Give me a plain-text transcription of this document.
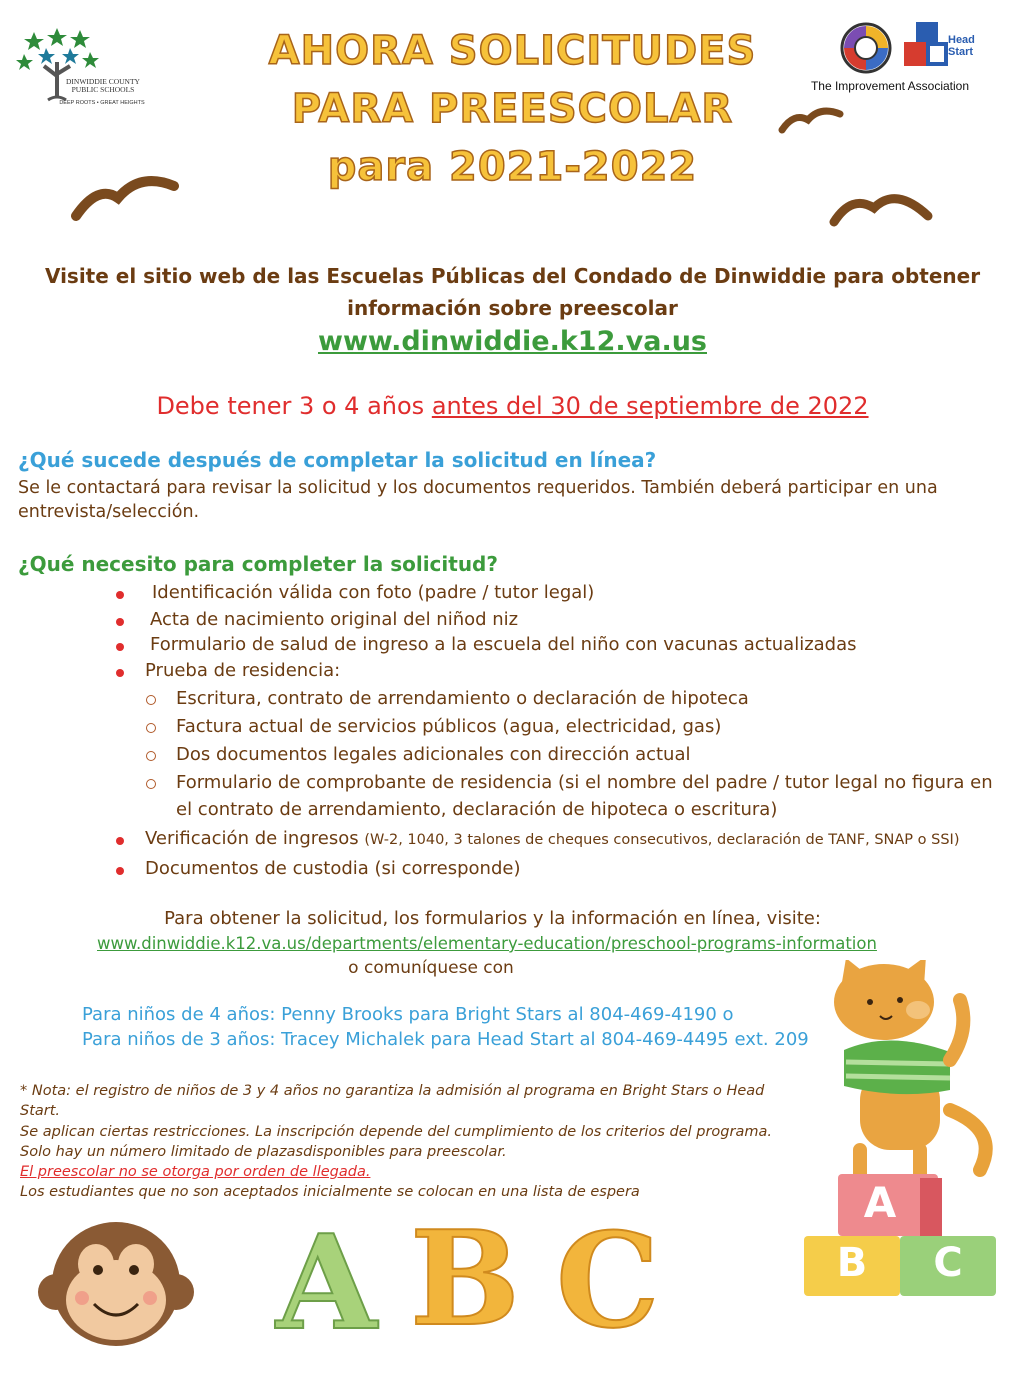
DINWIDDIE COUNTY PUBLIC SCHOOLS
DEEP ROOTS • GREAT HEIGHTS
Head Start
The Improvement Association
AHORA SOLICITUDES
PARA PREESCOLAR
para 2021-2022
Visite el sitio web de las Escuelas Públicas del Condado de Dinwiddie para obtener
información sobre preescolar
www.dinwiddie.k12.va.us
Debe tener 3 o 4 años antes del 30 de septiembre de 2022
¿Qué sucede después de completar la solicitud en línea?
Se le contactará para revisar la solicitud y los documentos requeridos. También deberá participar en una
entrevista/selección.
¿Qué necesito para completer la solicitud?
Identificación válida con foto (padre / tutor legal)
Acta de nacimiento original del niñod niz
Formulario de salud de ingreso a la escuela del niño con vacunas actualizadas
Prueba de residencia:
Escritura, contrato de arrendamiento o declaración de hipoteca
Factura actual de servicios públicos (agua, electricidad, gas)
Dos documentos legales adicionales con dirección actual
Formulario de comprobante de residencia (si el nombre del padre / tutor legal no figura en
el contrato de arrendamiento, declaración de hipoteca o escritura)
Verificación de ingresos (W-2, 1040, 3 talones de cheques consecutivos, declaración de TANF, SNAP o SSI)
Documentos de custodia (si corresponde)
Para obtener la solicitud, los formularios y la información en línea, visite:
www.dinwiddie.k12.va.us/departments/elementary-education/preschool-programs-information
o comuníquese con
Para niños de 4 años: Penny Brooks para Bright Stars al 804-469-4190 o
Para niños de 3 años: Tracey Michalek para Head Start al 804-469-4495 ext. 209
* Nota: el registro de niños de 3 y 4 años no garantiza la admisión al programa en Bright Stars o Head
Start.
Se aplican ciertas restricciones. La inscripción depende del cumplimiento de los criterios del programa.
Solo hay un número limitado de plazasdisponibles para preescolar.
El preescolar no se otorga por orden de llegada.
Los estudiantes que no son aceptados inicialmente se colocan en una lista de espera	A
B	C
A B C
